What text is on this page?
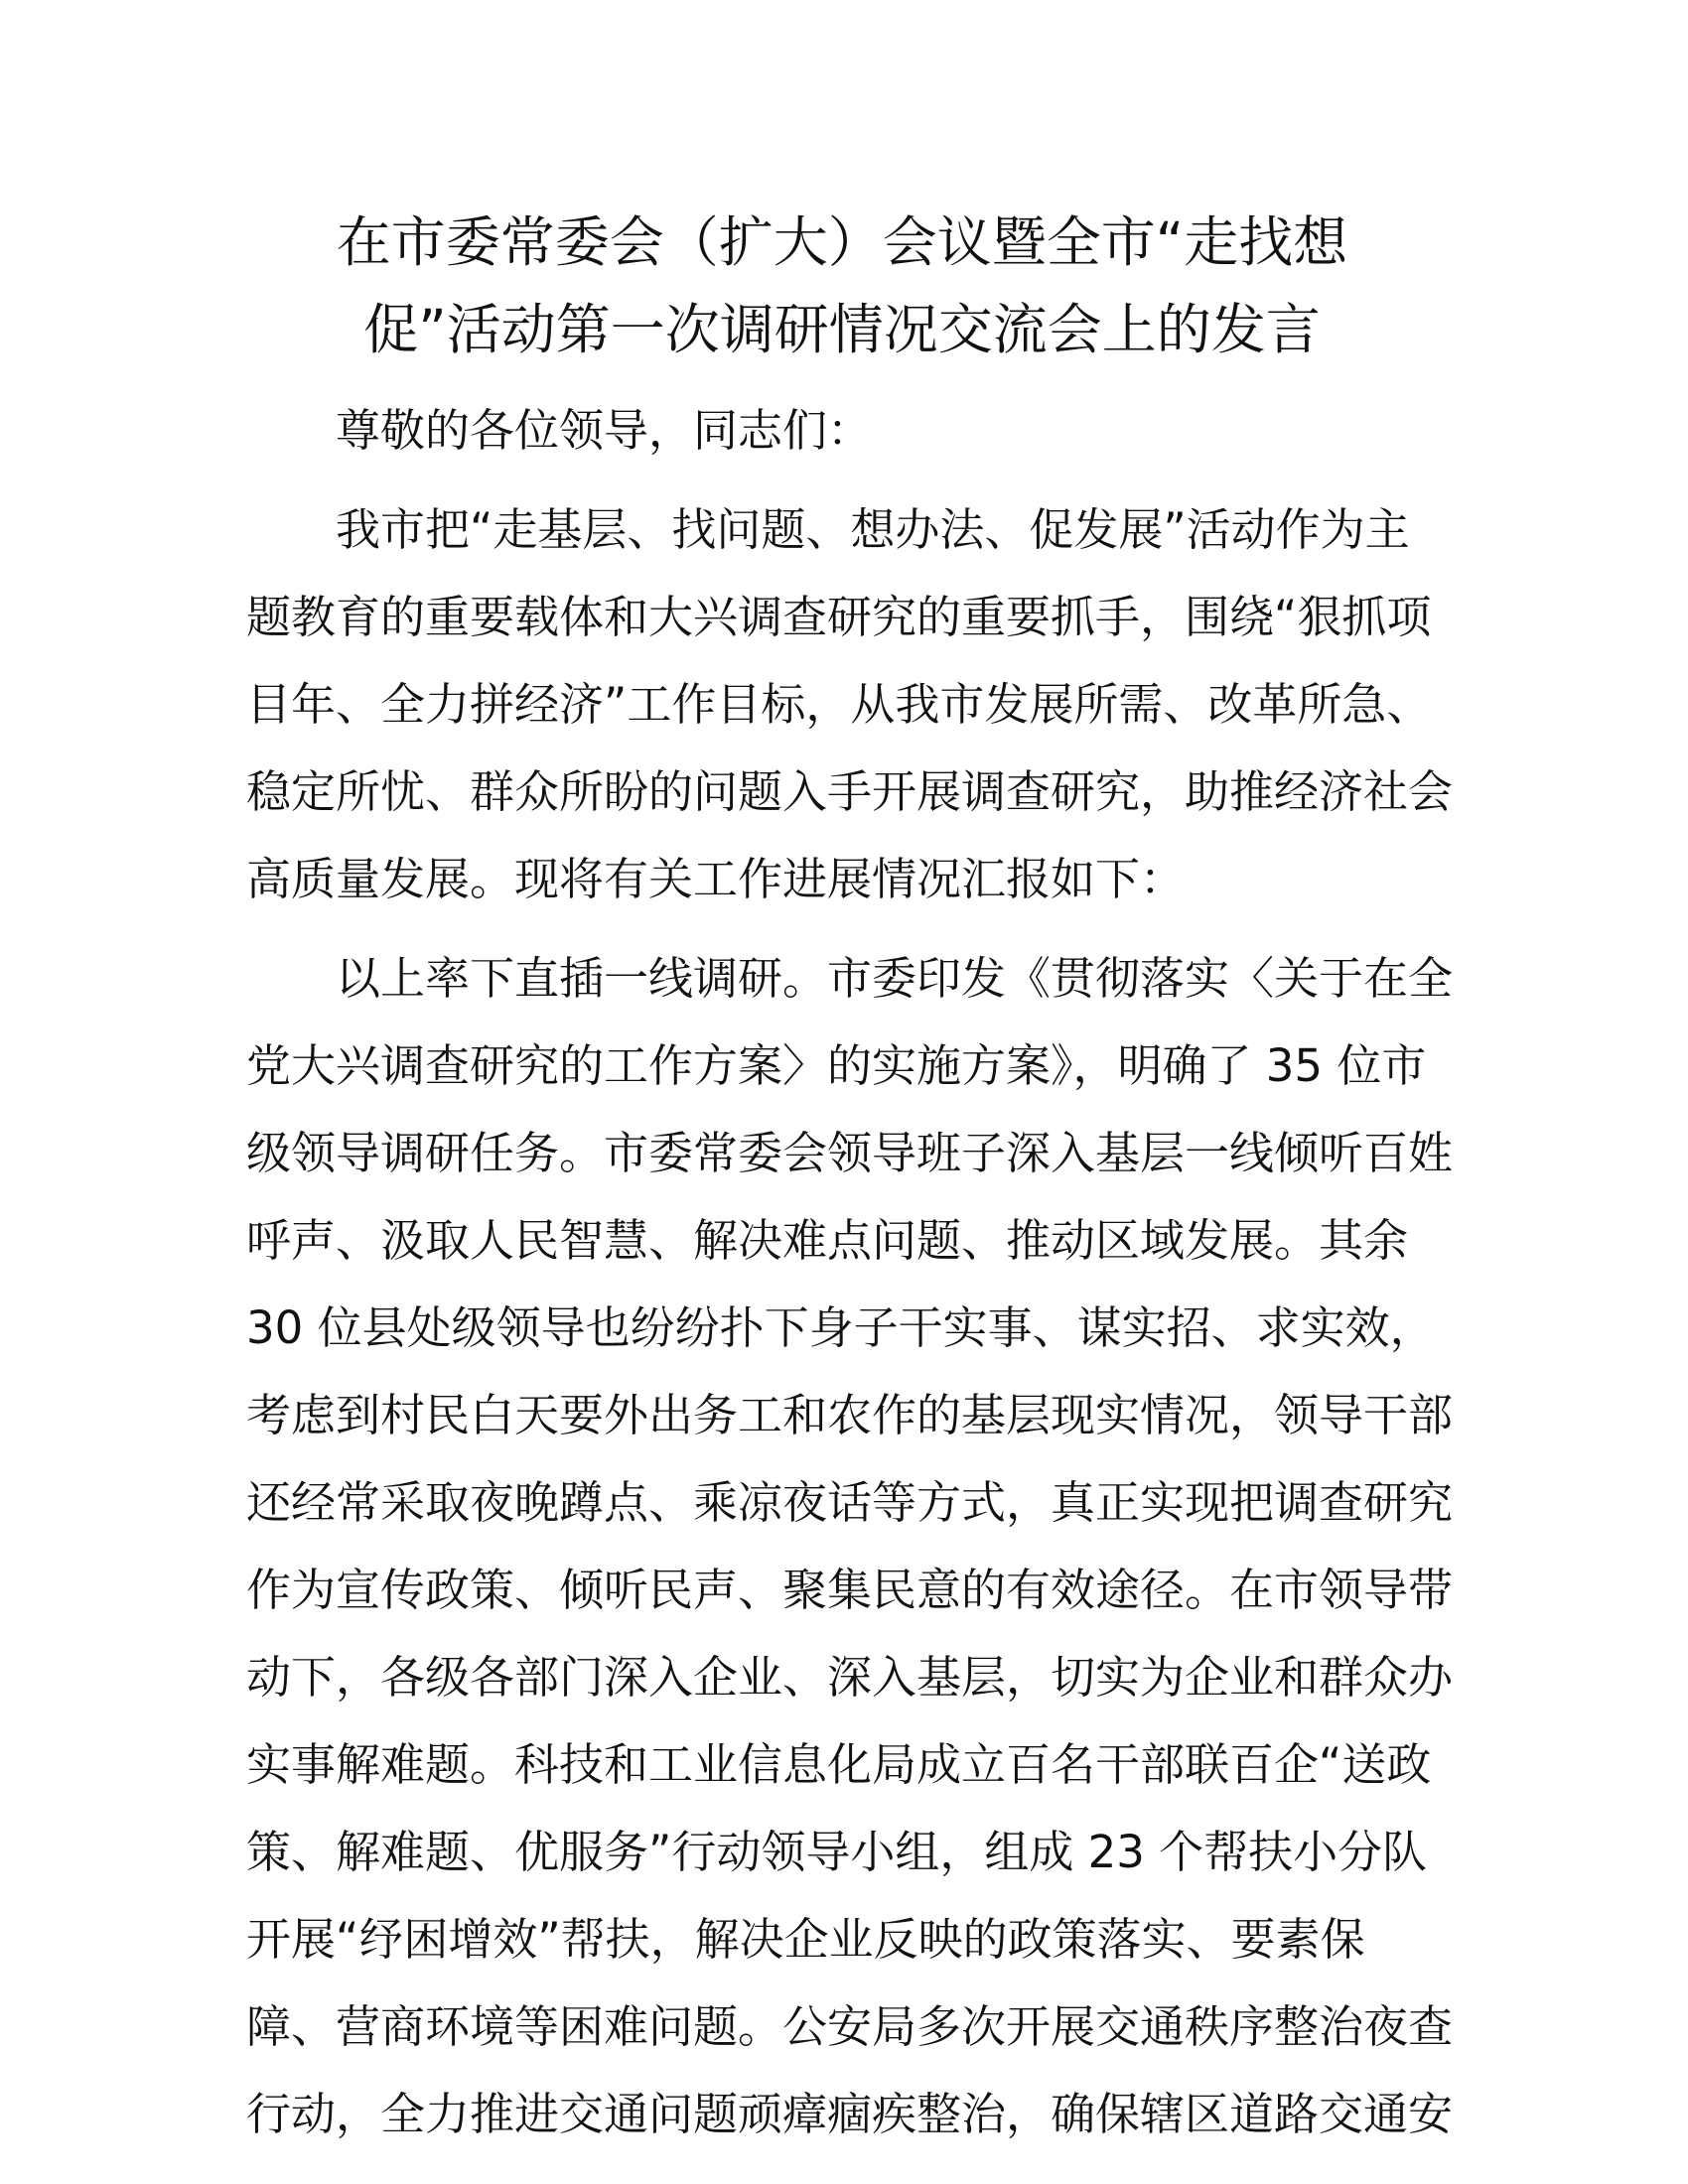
在市委常委会（扩大）会议暨全市“走找想
促”活动第一次调研情况交流会上的发言

尊敬的各位领导，同志们：

我市把“走基层、找问题、想办法、促发展”活动作为主
题教育的重要载体和大兴调查研究的重要抓手，围绕“狠抓项
目年、全力拼经济”工作目标，从我市发展所需、改革所急、
稳定所忧、群众所盼的问题入手开展调查研究，助推经济社会
高质量发展。现将有关工作进展情况汇报如下：
以上率下直插一线调研。市委印发《贯彻落实〈关于在全
党大兴调查研究的工作方案〉的实施方案》，明确了 35 位市
级领导调研任务。市委常委会领导班子深入基层一线倾听百姓
呼声、汲取人民智慧、解决难点问题、推动区域发展。其余
30 位县处级领导也纷纷扑下身子干实事、谋实招、求实效，
考虑到村民白天要外出务工和农作的基层现实情况，领导干部
还经常采取夜晚蹲点、乘凉夜话等方式，真正实现把调查研究
作为宣传政策、倾听民声、聚集民意的有效途径。在市领导带
动下，各级各部门深入企业、深入基层，切实为企业和群众办
实事解难题。科技和工业信息化局成立百名干部联百企“送政
策、解难题、优服务”行动领导小组，组成 23 个帮扶小分队
开展“纾困增效”帮扶，解决企业反映的政策落实、要素保
障、营商环境等困难问题。公安局多次开展交通秩序整治夜查
行动，全力推进交通问题顽瘴痼疾整治，确保辖区道路交通安
